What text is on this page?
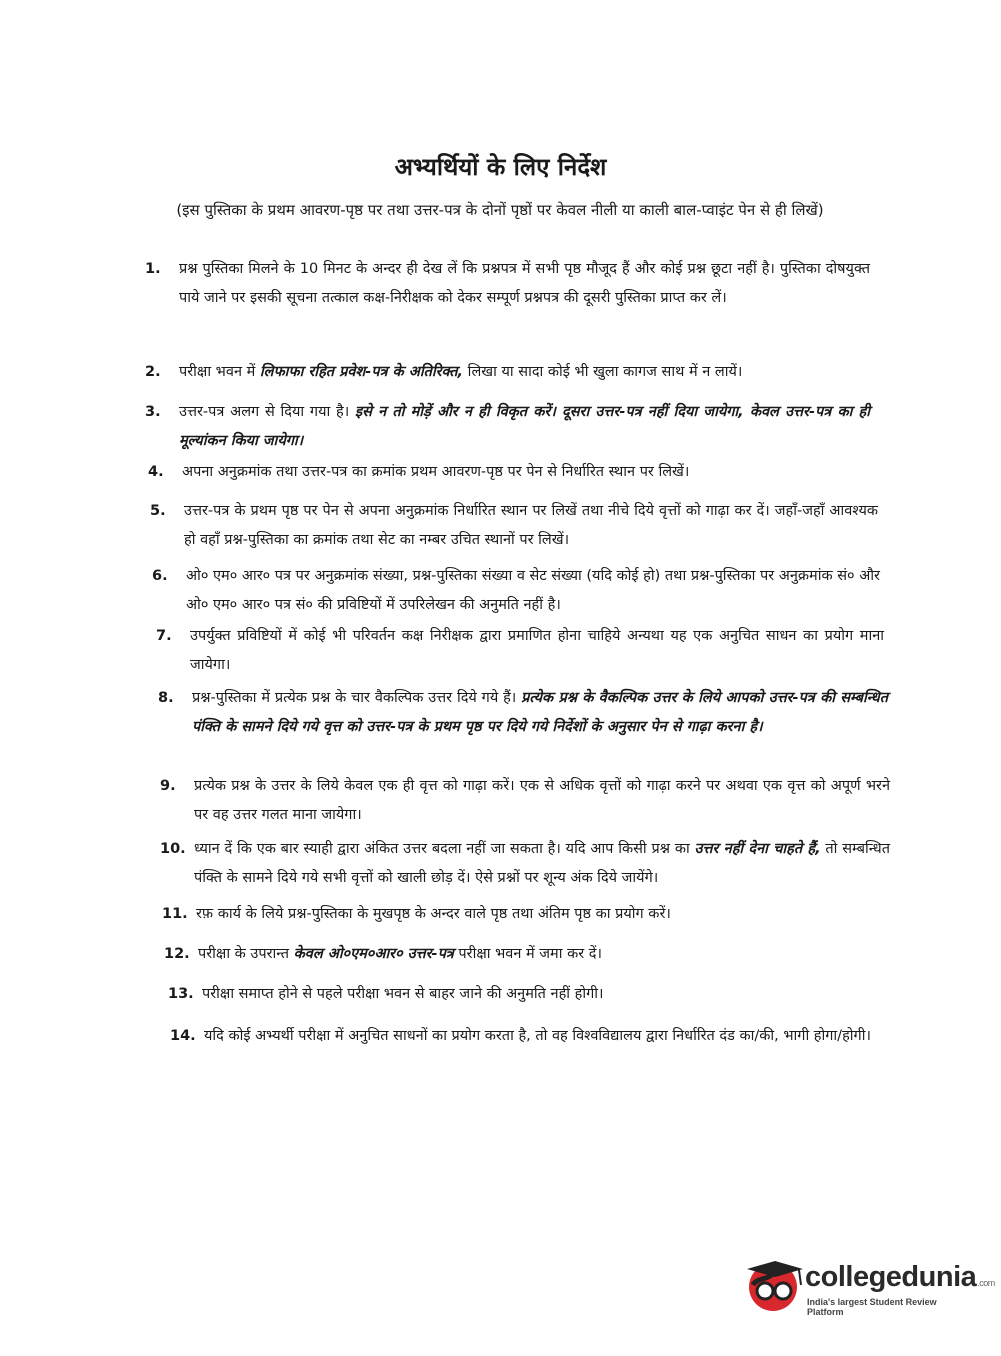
अभ्यर्थियों के लिए निर्देश
(इस पुस्तिका के प्रथम आवरण-पृष्ठ पर तथा उत्तर-पत्र के दोनों पृष्ठों पर केवल नीली या काली बाल-प्वाइंट पेन से ही लिखें)
1.	प्रश्न पुस्तिका मिलने के 10 मिनट के अन्दर ही देख लें कि प्रश्नपत्र में सभी पृष्ठ मौजूद हैं और कोई प्रश्न छूटा नहीं है। पुस्तिका दोषयुक्त पाये जाने पर इसकी सूचना तत्काल कक्ष-निरीक्षक को देकर सम्पूर्ण प्रश्नपत्र की दूसरी पुस्तिका प्राप्त कर लें।
2.	परीक्षा भवन में लिफाफा रहित प्रवेश-पत्र के अतिरिक्त, लिखा या सादा कोई भी खुला कागज साथ में न लायें।
3.	उत्तर-पत्र अलग से दिया गया है। इसे न तो मोड़ें और न ही विकृत करें। दूसरा उत्तर-पत्र नहीं दिया जायेगा, केवल उत्तर-पत्र का ही मूल्यांकन किया जायेगा।
4.	अपना अनुक्रमांक तथा उत्तर-पत्र का क्रमांक प्रथम आवरण-पृष्ठ पर पेन से निर्धारित स्थान पर लिखें।
5.	उत्तर-पत्र के प्रथम पृष्ठ पर पेन से अपना अनुक्रमांक निर्धारित स्थान पर लिखें तथा नीचे दिये वृत्तों को गाढ़ा कर दें। जहाँ-जहाँ आवश्यक हो वहाँ प्रश्न-पुस्तिका का क्रमांक तथा सेट का नम्बर उचित स्थानों पर लिखें।
6.	ओ० एम० आर० पत्र पर अनुक्रमांक संख्या, प्रश्न-पुस्तिका संख्या व सेट संख्या (यदि कोई हो) तथा प्रश्न-पुस्तिका पर अनुक्रमांक सं० और ओ० एम० आर० पत्र सं० की प्रविष्टियों में उपरिलेखन की अनुमति नहीं है।
7.	उपर्युक्त प्रविष्टियों में कोई भी परिवर्तन कक्ष निरीक्षक द्वारा प्रमाणित होना चाहिये अन्यथा यह एक अनुचित साधन का प्रयोग माना जायेगा।
8.	प्रश्न-पुस्तिका में प्रत्येक प्रश्न के चार वैकल्पिक उत्तर दिये गये हैं। प्रत्येक प्रश्न के वैकल्पिक उत्तर के लिये आपको उत्तर-पत्र की सम्बन्धित पंक्ति के सामने दिये गये वृत्त को उत्तर-पत्र के प्रथम पृष्ठ पर दिये गये निर्देशों के अनुसार पेन से गाढ़ा करना है।
9.	प्रत्येक प्रश्न के उत्तर के लिये केवल एक ही वृत्त को गाढ़ा करें। एक से अधिक वृत्तों को गाढ़ा करने पर अथवा एक वृत्त को अपूर्ण भरने पर वह उत्तर गलत माना जायेगा।
10. ध्यान दें कि एक बार स्याही द्वारा अंकित उत्तर बदला नहीं जा सकता है। यदि आप किसी प्रश्न का उत्तर नहीं देना चाहते हैं, तो सम्बन्धित पंक्ति के सामने दिये गये सभी वृत्तों को खाली छोड़ दें। ऐसे प्रश्नों पर शून्य अंक दिये जायेंगे।
11. रफ़ कार्य के लिये प्रश्न-पुस्तिका के मुखपृष्ठ के अन्दर वाले पृष्ठ तथा अंतिम पृष्ठ का प्रयोग करें।
12. परीक्षा के उपरान्त केवल ओ०एम०आर० उत्तर-पत्र परीक्षा भवन में जमा कर दें।
13. परीक्षा समाप्त होने से पहले परीक्षा भवन से बाहर जाने की अनुमति नहीं होगी।
14. यदि कोई अभ्यर्थी परीक्षा में अनुचित साधनों का प्रयोग करता है, तो वह विश्वविद्यालय द्वारा निर्धारित दंड का/की, भागी होगा/होगी।
collegedunia.com
India's largest Student Review Platform
